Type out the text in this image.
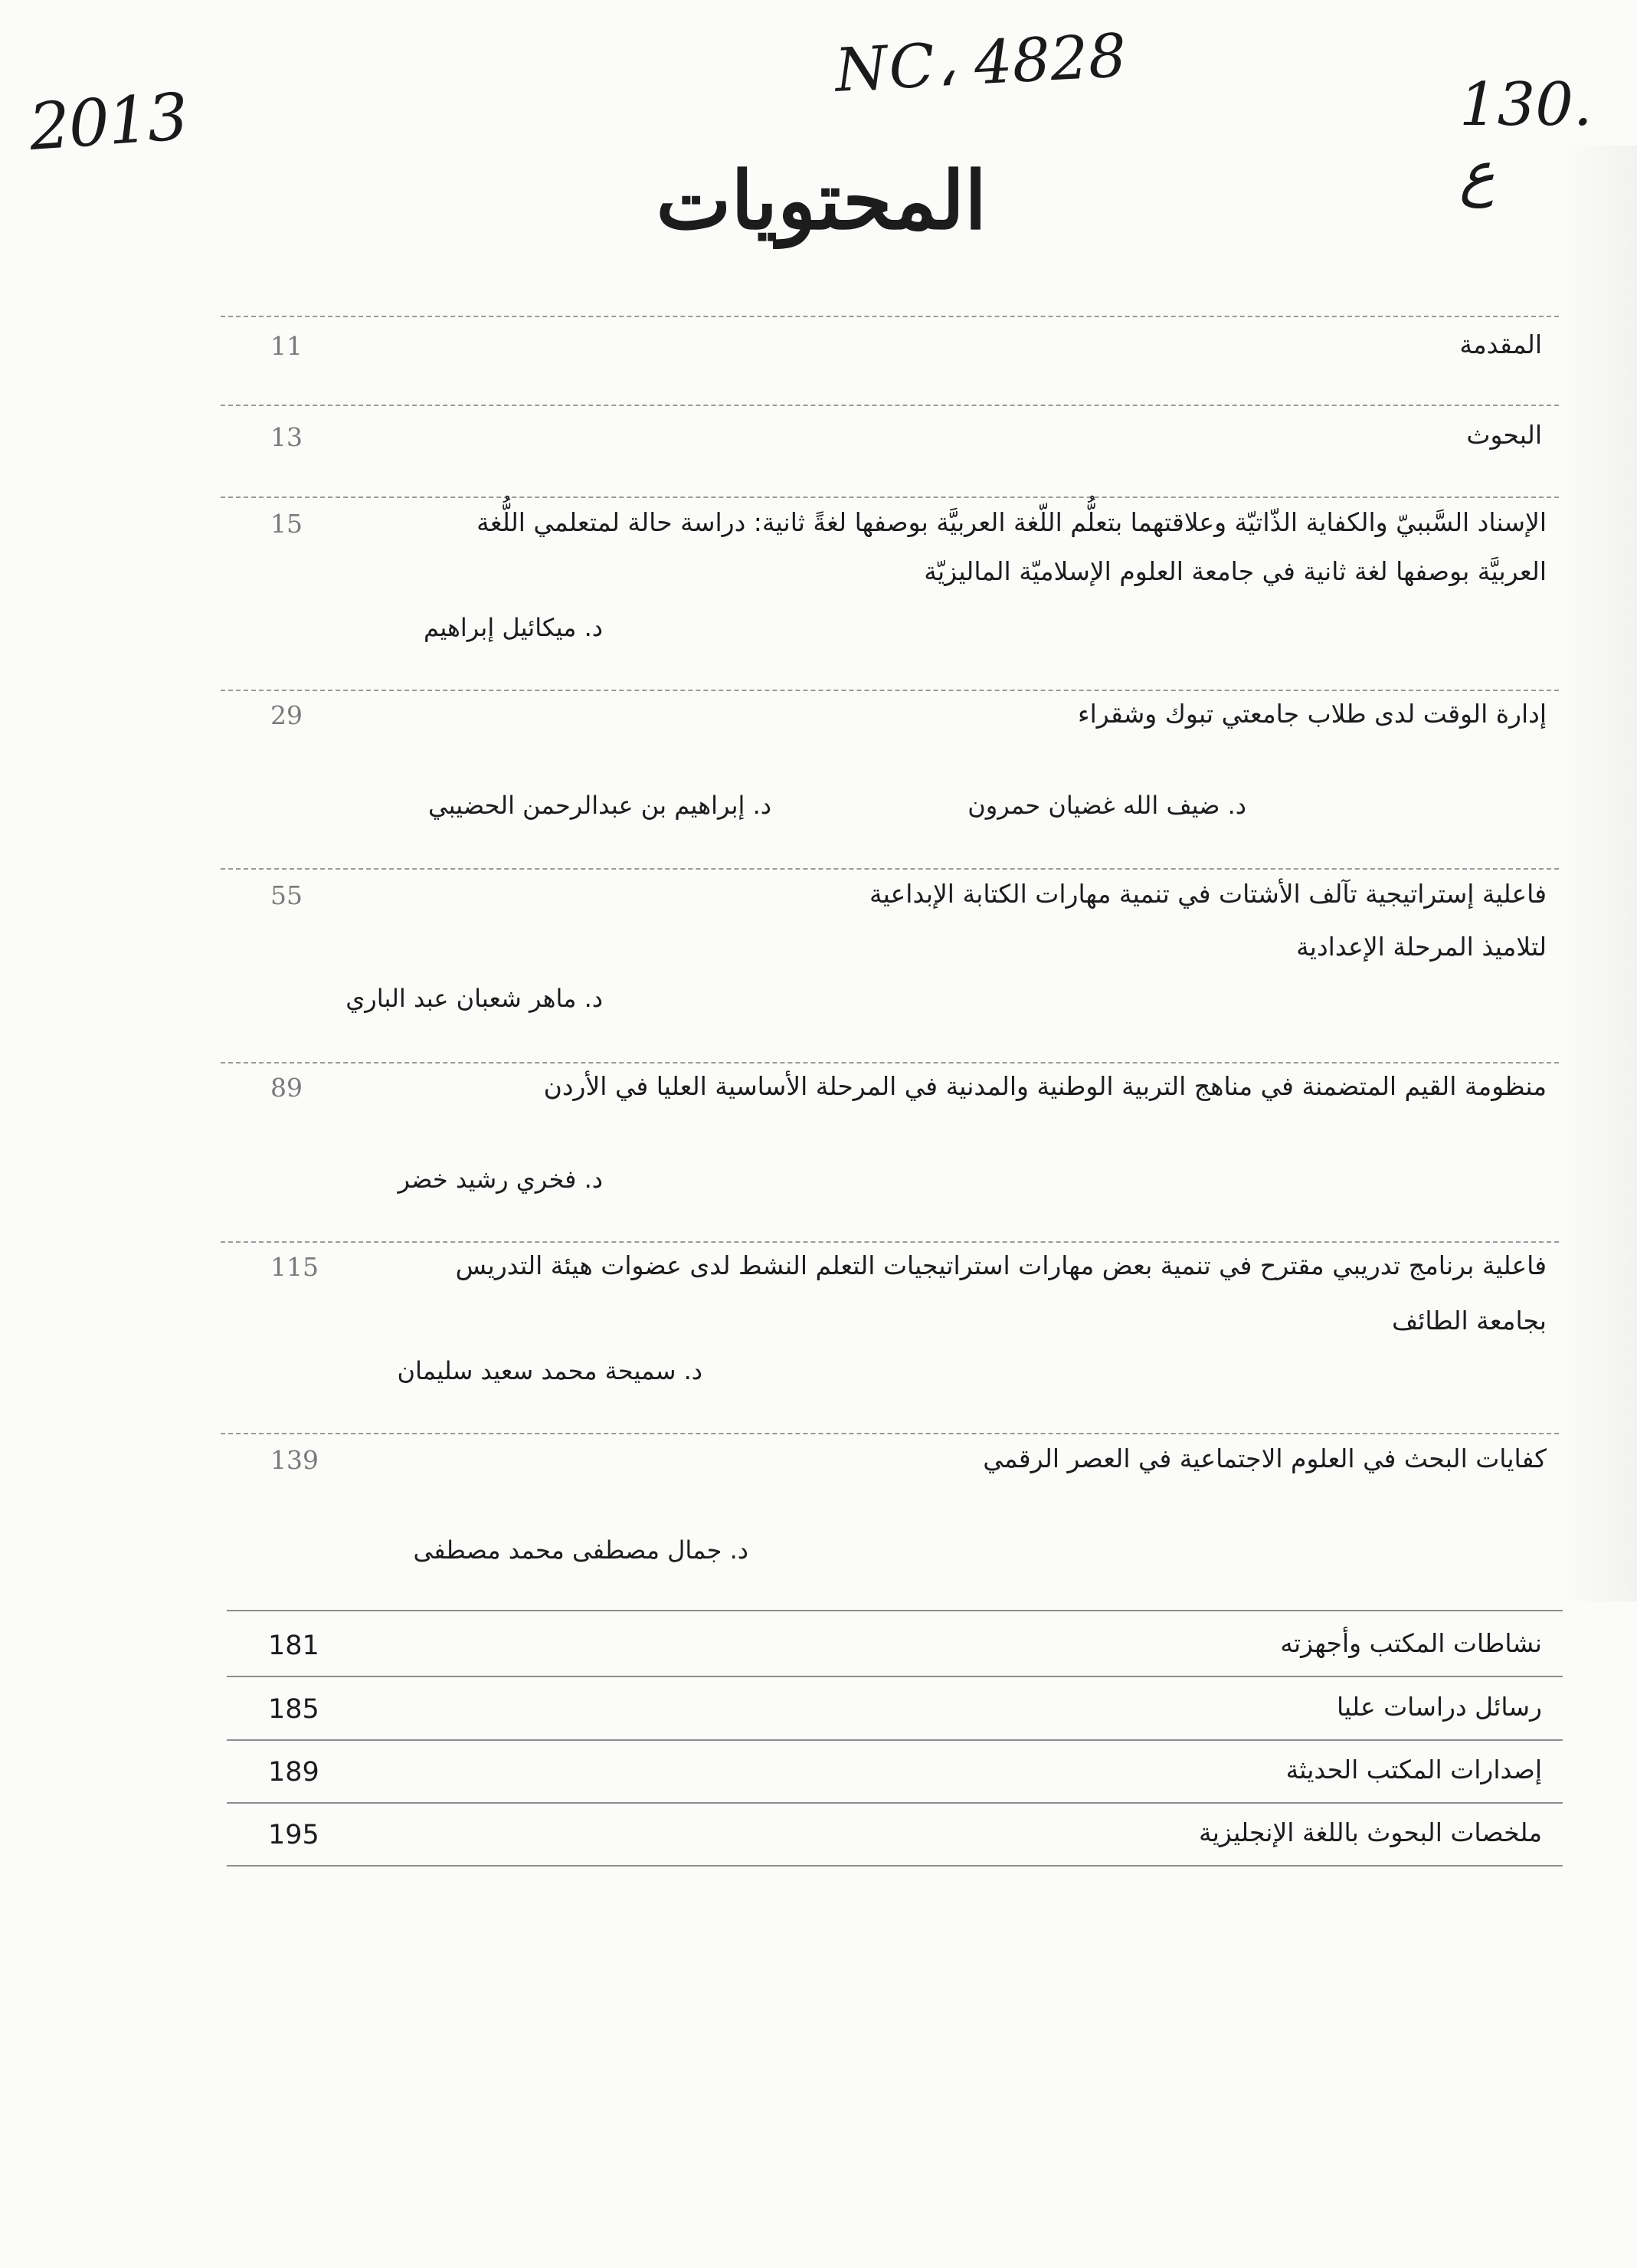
2013
NC‎، 4828	130. ع
المحتويات
المقدمة
11
البحوث
13
الإسناد السَّببيّ والكفاية الذّاتيّة وعلاقتهما بتعلُّم اللّغة العربيَّة بوصفها لغةً ثانية: دراسة حالة لمتعلمي اللُّغة
العربيَّة بوصفها لغة ثانية في جامعة العلوم الإسلاميّة الماليزيّة
د. ميكائيل إبراهيم
15
إدارة الوقت لدى طلاب جامعتي تبوك وشقراء
د. ضيف الله غضيان حمرون
د. إبراهيم بن عبدالرحمن الحضيبي
29
فاعلية إستراتيجية تآلف الأشتات في تنمية مهارات الكتابة الإبداعية
لتلاميذ المرحلة الإعدادية
د. ماهر شعبان عبد الباري
55
منظومة القيم المتضمنة في مناهج التربية الوطنية والمدنية في المرحلة الأساسية العليا في الأردن
د. فخري رشيد خضر
89
فاعلية برنامج تدريبي مقترح في تنمية بعض مهارات استراتيجيات التعلم النشط لدى عضوات هيئة التدريس
بجامعة الطائف
د. سميحة محمد سعيد سليمان
115
كفايات البحث في العلوم الاجتماعية في العصر الرقمي
د. جمال مصطفى محمد مصطفى
139
نشاطات المكتب وأجهزته
181
رسائل دراسات عليا
185
إصدارات المكتب الحديثة
189
ملخصات البحوث باللغة الإنجليزية
195
